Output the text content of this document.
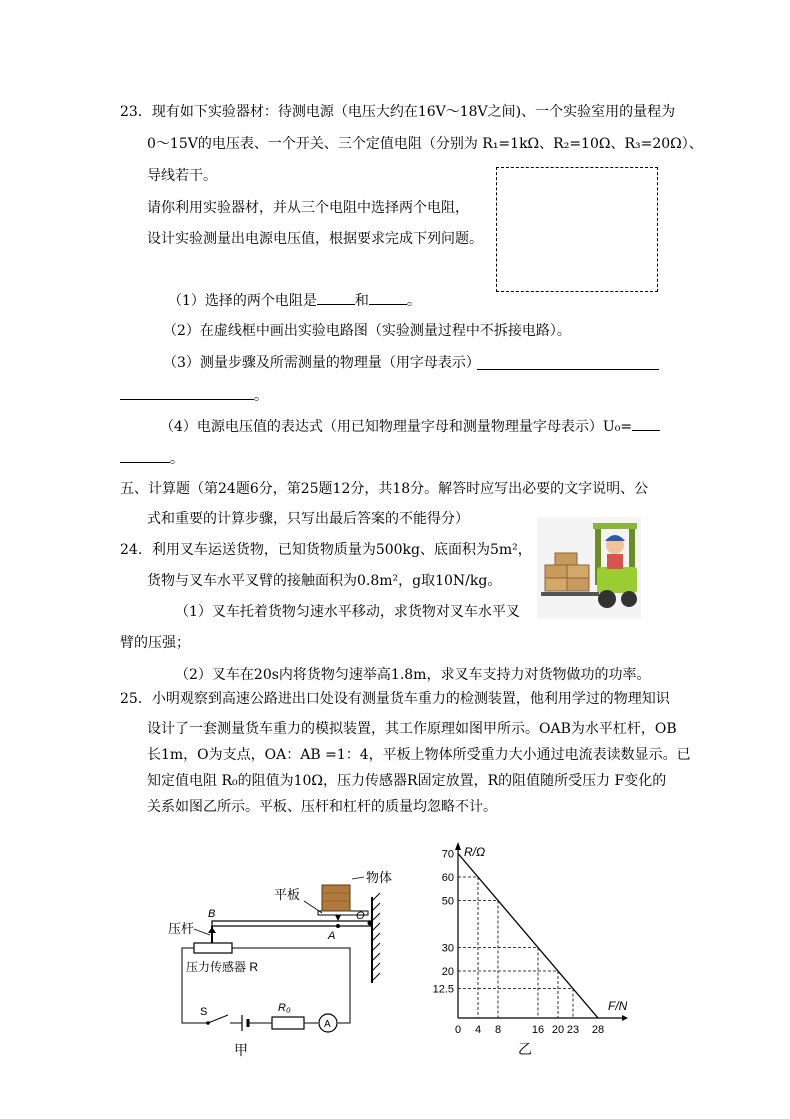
23．现有如下实验器材：待测电源（电压大约在16V～18V之间)、一个实验室用的量程为
0～15V的电压表、一个开关、三个定值电阻（分别为 R₁=1kΩ、R₂=10Ω、R₃=20Ω）、
导线若干。
请你利用实验器材，并从三个电阻中选择两个电阻，
设计实验测量出电源电压值，根据要求完成下列问题。
（1）选择的两个电阻是	和	。
（2）在虚线框中画出实验电路图（实验测量过程中不拆接电路）。
（3）测量步骤及所需测量的物理量（用字母表示）
。
（4）电源电压值的表达式（用已知物理量字母和测量物理量字母表示）U₀=
。
五、计算题（第24题6分，第25题12分，共18分。解答时应写出必要的文字说明、公
式和重要的计算步骤，只写出最后答案的不能得分）
24．利用叉车运送货物，已知货物质量为500kg、底面积为5m²，
货物与叉车水平叉臂的接触面积为0.8m²，g取10N/kg。
（1）叉车托着货物匀速水平移动，求货物对叉车水平叉
臂的压强；
（2）叉车在20s内将货物匀速举高1.8m，求叉车支持力对货物做功的功率。
25．小明观察到高速公路进出口处设有测量货车重力的检测装置，他利用学过的物理知识
设计了一套测量货车重力的模拟装置，其工作原理如图甲所示。OAB为水平杠杆，OB
长1m，O为支点，OA：AB =1：4，平板上物体所受重力大小通过电流表读数显示。已
知定值电阻 R₀的阻值为10Ω，压力传感器R固定放置，R的阻值随所受压力 F变化的
关系如图乙所示。平板、压杆和杠杆的质量均忽略不计。
物体
平板
压杆
压力传感器 R
B
A
O
S	R₀
A
甲
R/Ω
F/N
乙
0 4 8	16 20 23 28
12.5
20
30
50
60
70
